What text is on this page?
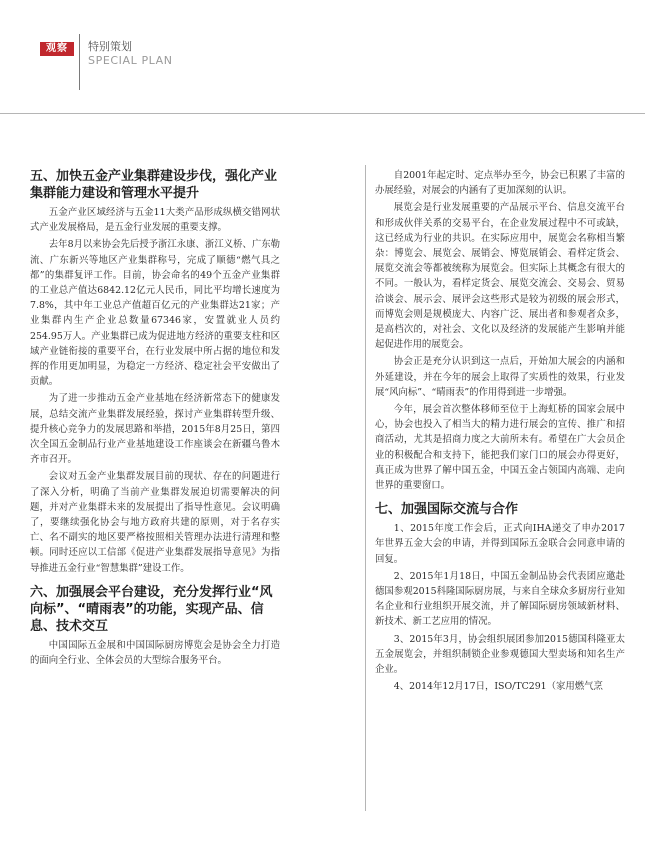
观察	特别策划
SPECIAL PLAN
五、加快五金产业集群建设步伐，强化产业集群能力建设和管理水平提升

五金产业区域经济与五金11大类产品形成纵横交错网状式产业发展格局，是五金行业发展的重要支撑。

去年8月以来协会先后授予浙江永康、浙江义桥、广东勒流、广东新兴等地区产业集群称号，完成了顺德“燃气具之都”的集群复评工作。目前，协会命名的49个五金产业集群的工业总产值达6842.12亿元人民币，同比平均增长速度为7.8%，其中年工业总产值超百亿元的产业集群达21家；产业集群内生产企业总数量67346家，安置就业人员约254.95万人。产业集群已成为促进地方经济的重要支柱和区域产业链衔接的重要平台，在行业发展中所占据的地位和发挥的作用更加明显，为稳定一方经济、稳定社会平安做出了贡献。

为了进一步推动五金产业基地在经济新常态下的健康发展，总结交流产业集群发展经验，探讨产业集群转型升级、提升核心竞争力的发展思路和举措，2015年8月25日，第四次全国五金制品行业产业基地建设工作座谈会在新疆乌鲁木齐市召开。

会议对五金产业集群发展目前的现状、存在的问题进行了深入分析，明确了当前产业集群发展迫切需要解决的问题，并对产业集群未来的发展提出了指导性意见。会议明确了，要继续强化协会与地方政府共建的原则，对于名存实亡、名不副实的地区要严格按照相关管理办法进行清理和整顿。同时还应以工信部《促进产业集群发展指导意见》为指导推进五金行业“智慧集群”建设工作。

六、加强展会平台建设，充分发挥行业“风向标”、“晴雨表”的功能，实现产品、信息、技术交互

中国国际五金展和中国国际厨房博览会是协会全力打造的面向全行业、全体会员的大型综合服务平台。

自2001年起定时、定点举办至今，协会已积累了丰富的办展经验，对展会的内涵有了更加深刻的认识。

展览会是行业发展重要的产品展示平台、信息交流平台和形成伙伴关系的交易平台，在企业发展过程中不可或缺，这已经成为行业的共识。在实际应用中，展览会名称相当繁杂：博览会、展览会、展销会、博览展销会、看样定货会、展览交流会等都被统称为展览会。但实际上其概念有很大的不同。一般认为，看样定货会、展览交流会、交易会、贸易洽谈会、展示会、展评会这些形式是较为初级的展会形式，而博览会则是规模庞大、内容广泛、展出者和参观者众多，是高档次的，对社会、文化以及经济的发展能产生影响并能起促进作用的展览会。

协会正是充分认识到这一点后，开始加大展会的内涵和外延建设，并在今年的展会上取得了实质性的效果，行业发展“风向标”、“晴雨表”的作用得到进一步增强。

今年，展会首次整体移师至位于上海虹桥的国家会展中心，协会也投入了相当大的精力进行展会的宣传、推广和招商活动，尤其是招商力度之大前所未有。希望在广大会员企业的积极配合和支持下，能把我们家门口的展会办得更好，真正成为世界了解中国五金，中国五金占领国内高端、走向世界的重要窗口。

七、加强国际交流与合作

1、2015年度工作会后，正式向IHA递交了申办2017年世界五金大会的申请，并得到国际五金联合会同意申请的回复。

2、2015年1月18日，中国五金制品协会代表团应邀赴德国参观2015科隆国际厨房展，与来自全球众多厨房行业知名企业和行业组织开展交流，并了解国际厨房领域新材料、新技术、新工艺应用的情况。

3、2015年3月，协会组织展团参加2015德国科隆亚太五金展览会，并组织制锁企业参观德国大型卖场和知名生产企业。

4、2014年12月17日，ISO/TC291（家用燃气烹
